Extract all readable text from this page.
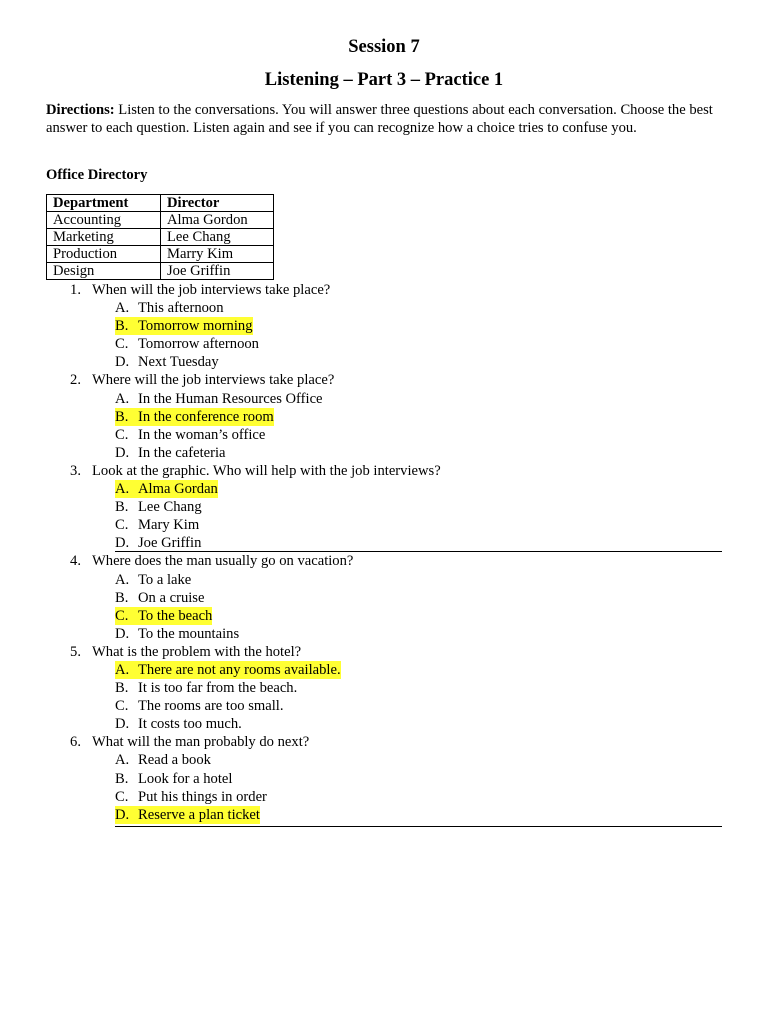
Session 7
Listening – Part 3 – Practice 1
Directions: Listen to the conversations. You will answer three questions about each conversation. Choose the best answer to each question. Listen again and see if you can recognize how a choice tries to confuse you.
Office Directory
Department	Director
Accounting	Alma Gordon
Marketing	Lee Chang
Production	Marry Kim
Design	Joe Griffin
1. When will the job interviews take place?
A. This afternoon
B. Tomorrow morning
C. Tomorrow afternoon
D. Next Tuesday
2. Where will the job interviews take place?
A. In the Human Resources Office
B. In the conference room
C. In the woman’s office
D. In the cafeteria
3. Look at the graphic. Who will help with the job interviews?
A. Alma Gordan
B. Lee Chang
C. Mary Kim
D. Joe Griffin
4. Where does the man usually go on vacation?
A. To a lake
B. On a cruise
C. To the beach
D. To the mountains
5. What is the problem with the hotel?
A. There are not any rooms available.
B. It is too far from the beach.
C. The rooms are too small.
D. It costs too much.
6. What will the man probably do next?
A. Read a book
B. Look for a hotel
C. Put his things in order
D. Reserve a plan ticket
